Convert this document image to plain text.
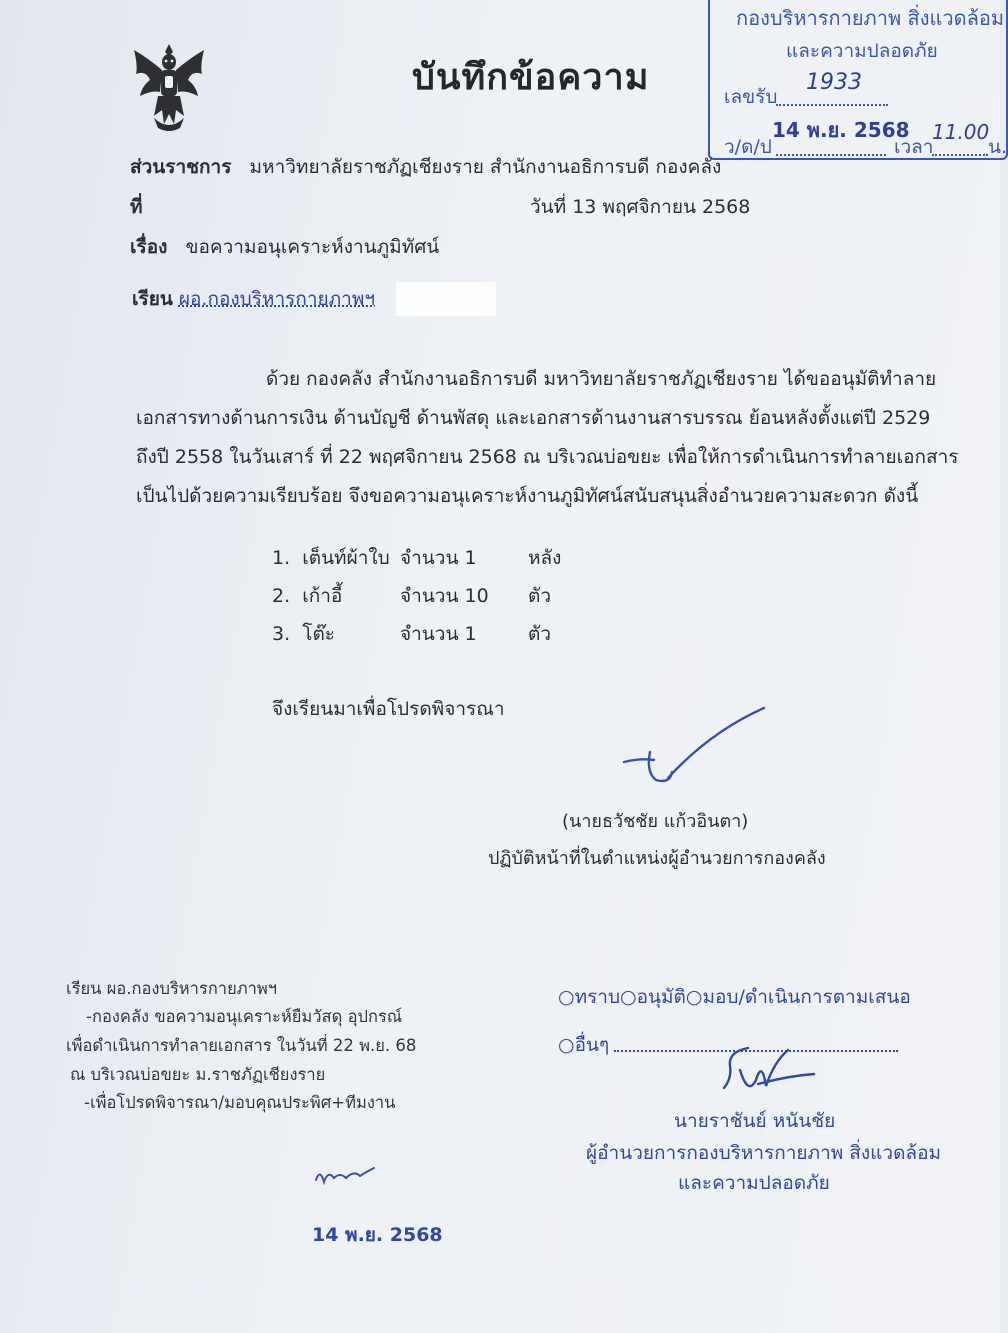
บันทึกข้อความ
กองบริหารกายภาพ สิ่งแวดล้อม
และความปลอดภัย
เลขรับ
1933
ว/ด/ป
14 พ.ย. 2568
เวลา
11.00
น.
ส่วนราชการ มหาวิทยาลัยราชภัฏเชียงราย สำนักงานอธิการบดี กองคลัง
ที่	วันที่ 13 พฤศจิกายน 2568
เรื่อง ขอความอนุเคราะห์งานภูมิทัศน์
เรียน ผอ.กองบริหารกายภาพฯ
ด้วย กองคลัง สำนักงานอธิการบดี มหาวิทยาลัยราชภัฏเชียงราย ได้ขออนุมัติทำลาย
เอกสารทางด้านการเงิน ด้านบัญชี ด้านพัสดุ และเอกสารด้านงานสารบรรณ ย้อนหลังตั้งแต่ปี 2529
ถึงปี 2558 ในวันเสาร์ ที่ 22 พฤศจิกายน 2568 ณ บริเวณบ่อขยะ เพื่อให้การดำเนินการทำลายเอกสาร
เป็นไปด้วยความเรียบร้อย จึงขอความอนุเคราะห์งานภูมิทัศน์สนับสนุนสิ่งอำนวยความสะดวก ดังนี้
1. เต็นท์ผ้าใบ จำนวน 1	หลัง
2. เก้าอี้	จำนวน 10 ตัว
3. โต๊ะ	จำนวน 1	ตัว
จึงเรียนมาเพื่อโปรดพิจารณา
(นายธวัชชัย แก้วอินตา)
ปฏิบัติหน้าที่ในตำแหน่งผู้อำนวยการกองคลัง
เรียน ผอ.กองบริหารกายภาพฯ
-กองคลัง ขอความอนุเคราะห์ยืมวัสดุ อุปกรณ์
เพื่อดำเนินการทำลายเอกสาร ในวันที่ 22 พ.ย. 68
ณ บริเวณบ่อขยะ ม.ราชภัฏเชียงราย
-เพื่อโปรดพิจารณา/มอบคุณประพิศ+ทีมงาน
14 พ.ย. 2568
○ทราบ○อนุมัติ○มอบ/ดำเนินการตามเสนอ
○อื่นๆ
นายราชันย์ หนันชัย
ผู้อำนวยการกองบริหารกายภาพ สิ่งแวดล้อม
และความปลอดภัย
